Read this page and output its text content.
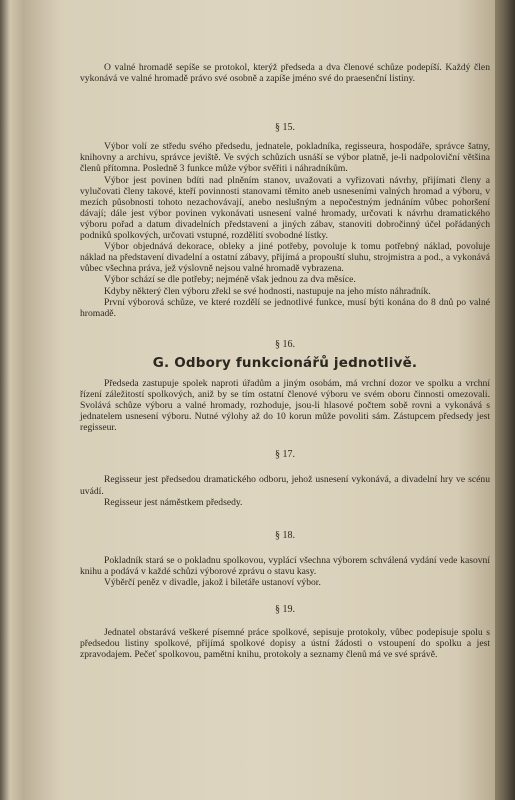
O valné hromadě sepíše se protokol, kterýž předseda a dva členové schůze podepíší. Každý člen vykonává ve valné hromadě právo své osobně a zapíše jméno své do praesenční listiny.

§ 15.

Výbor volí ze středu svého předsedu, jednatele, pokladníka, regisseura, hospodáře, správce šatny, knihovny a archivu, správce jeviště. Ve svých schůzích usnáší se výbor platně, je-li nadpoloviční většina členů přítomna. Posledně 3 funkce může výbor svěřiti i náhradníkům.

Výbor jest povinen bdíti nad plněním stanov, uvažovati a vyřizovati návrhy, přijímati členy a vylučovati členy takové, kteří povinnosti stanovami těmito aneb usneseními valných hromad a výboru, v mezích působnosti tohoto nezachovávají, anebo neslušným a nepočestným jednáním vůbec pohoršení dávají; dále jest výbor povinen vykonávati usnesení valné hromady, určovati k návrhu dramatického výboru pořad a datum divadelních představení a jiných zábav, stanoviti dobročinný účel pořádaných podniků spolkových, určovati vstupné, rozdělití svobodné lístky.

Výbor objednává dekorace, obleky a jiné potřeby, povoluje k tomu potřebný náklad, povoluje náklad na představení divadelní a ostatní zábavy, přijímá a propouští sluhu, strojmistra a pod., a vykonává vůbec všechna práva, jež výslovně nejsou valné hromadě vybrazena.

Výbor schází se dle potřeby; nejméně však jednou za dva měsíce.

Kdyby některý člen výboru zřekl se své hodnosti, nastupuje na jeho místo náhradník.

První výborová schůze, ve které rozdělí se jednotlivé funkce, musí býti konána do 8 dnů po valné hromadě.

§ 16.

G. Odbory funkcionářů jednotlivě.

Předseda zastupuje spolek naproti úřadům a jiným osobám, má vrchní dozor ve spolku a vrchní řízení záležitostí spolkových, aniž by se tím ostatní členové výboru ve svém oboru činnosti omezovali. Svolává schůze výboru a valné hromady, rozhoduje, jsou-li hlasové počtem sobě rovni a vykonává s jednatelem usnesení výboru. Nutné výlohy až do 10 korun může povoliti sám. Zástupcem předsedy jest regisseur.

§ 17.

Regisseur jest předsedou dramatického odboru, jehož usnesení vykonává, a divadelní hry ve scénu uvádí.

Regisseur jest náměstkem předsedy.

§ 18.

Pokladník stará se o pokladnu spolkovou, vyplácí všechna výborem schválená vydání vede kasovní knihu a podává v každé schůzi výborové zprávu o stavu kasy.

Výběrčí peněz v divadle, jakož i biletáře ustanoví výbor.

§ 19.

Jednatel obstarává veškeré písemné práce spolkové, sepisuje protokoly, vůbec podepisuje spolu s předsedou listiny spolkové, přijímá spolkové dopisy a ústní žádosti o vstoupení do spolku a jest zpravodajem. Pečeť spolkovou, pamětní knihu, protokoly a seznamy členů má ve své správě.
